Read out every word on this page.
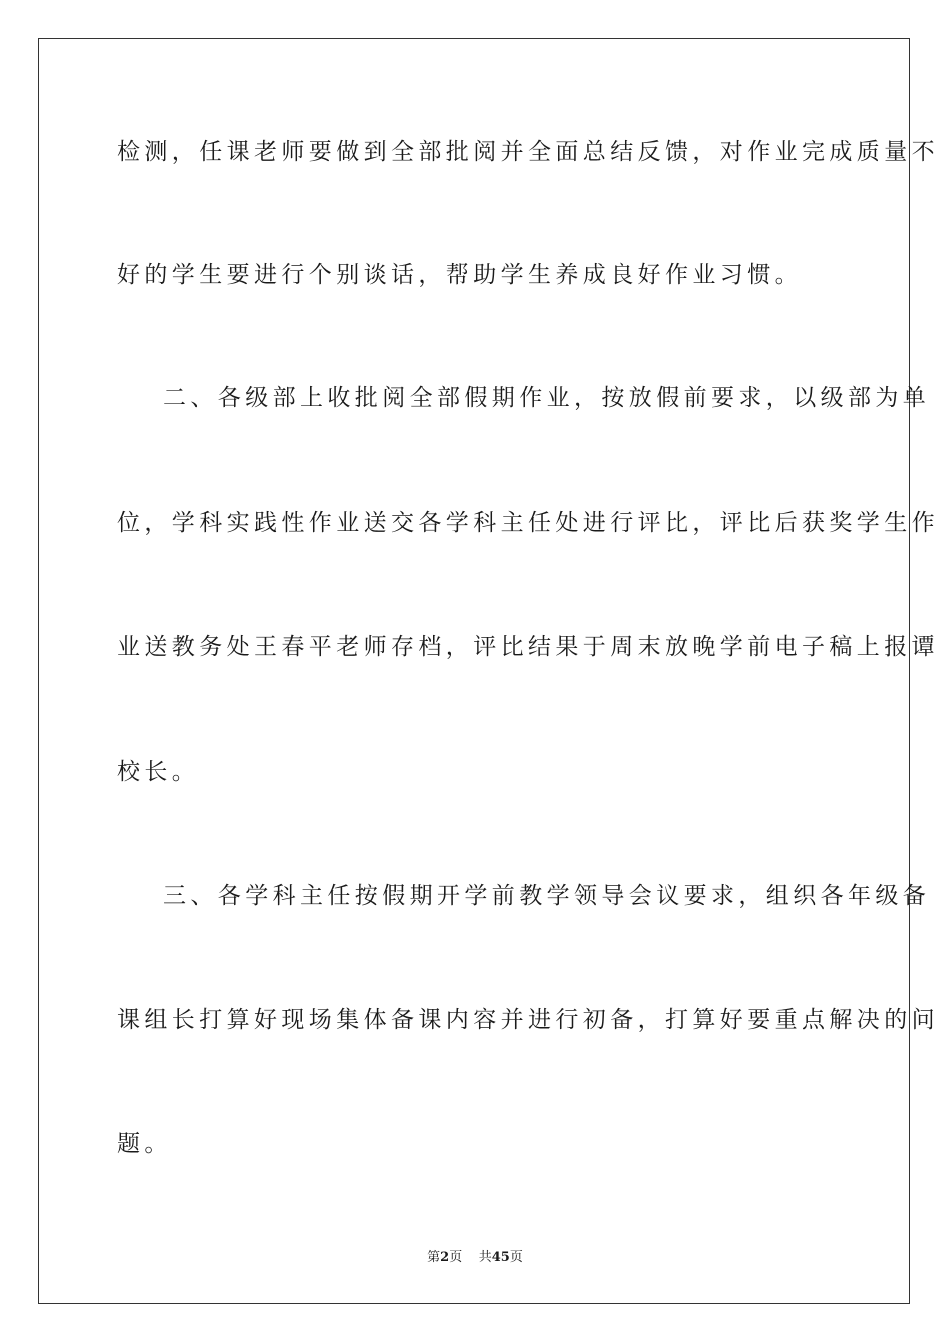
检测，任课老师要做到全部批阅并全面总结反馈，对作业完成质量不
好的学生要进行个别谈话，帮助学生养成良好作业习惯。
二、各级部上收批阅全部假期作业，按放假前要求，以级部为单
位，学科实践性作业送交各学科主任处进行评比，评比后获奖学生作
业送教务处王春平老师存档，评比结果于周末放晚学前电子稿上报谭
校长。
三、各学科主任按假期开学前教学领导会议要求，组织各年级备
课组长打算好现场集体备课内容并进行初备，打算好要重点解决的问
题。
第2页 共45页
